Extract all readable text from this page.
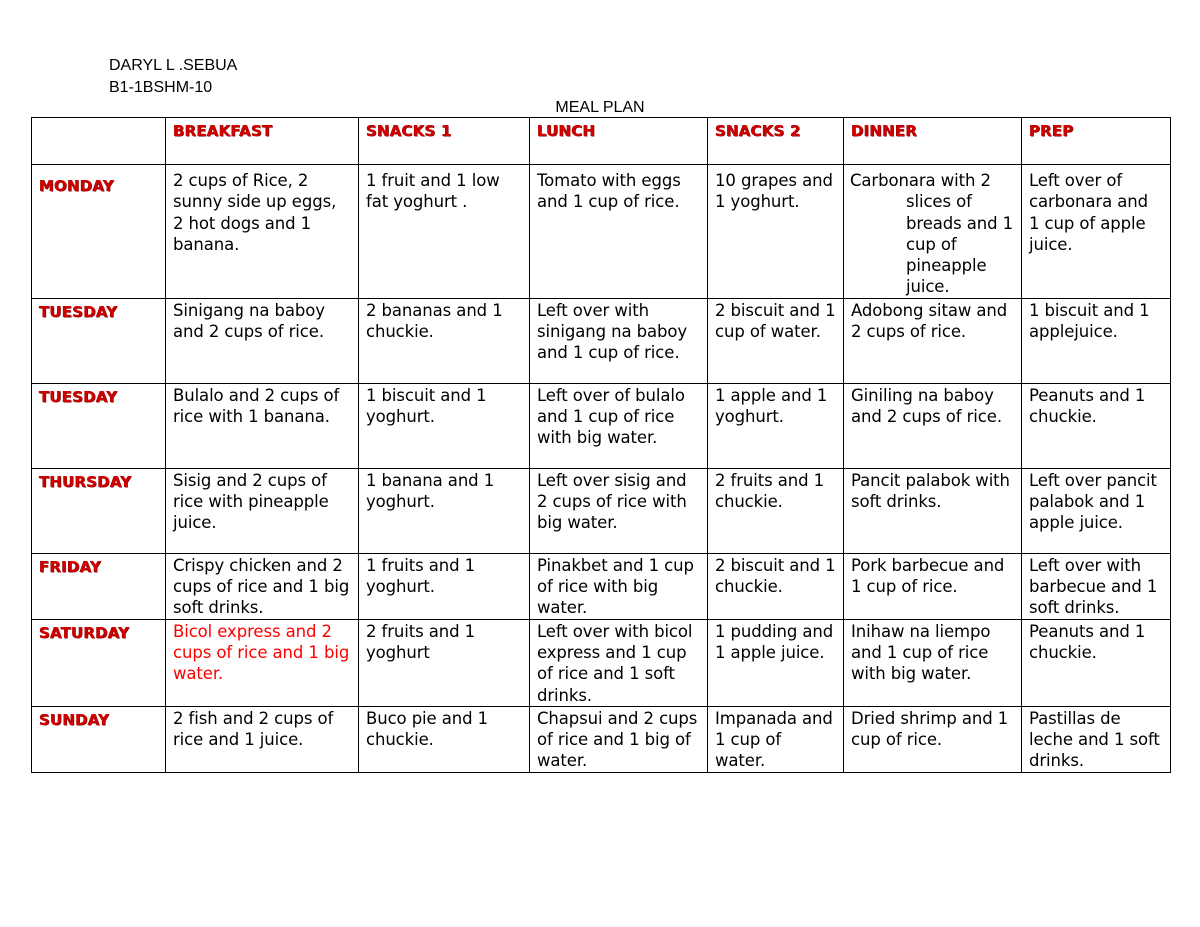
DARYL L .SEBUA
B1-1BSHM-10
MEAL PLAN
	BREAKFAST	SNACKS 1	LUNCH	SNACKS 2	DINNER	PREP
MONDAY	2 cups of Rice, 2 sunny side up eggs, 2 hot dogs and 1 banana.	1 fruit and 1 low fat yoghurt .	Tomato with eggs and 1 cup of rice.	10 grapes and 1 yoghurt.	Carbonara with 2 slices of breads and 1 cup of pineapple juice.	Left over of carbonara and 1 cup of apple juice.
TUESDAY	Sinigang na baboy and 2 cups of rice.	2 bananas and 1 chuckie.	Left over with sinigang na baboy and 1 cup of rice.	2 biscuit and 1 cup of water.	Adobong sitaw and 2 cups of rice.	1 biscuit and 1 applejuice.
TUESDAY	Bulalo and 2 cups of rice with 1 banana.	1 biscuit and 1 yoghurt.	Left over of bulalo and 1 cup of rice with big water.	1 apple and 1 yoghurt.	Giniling na baboy and 2 cups of rice.	Peanuts and 1 chuckie.
THURSDAY	Sisig and 2 cups of rice with pineapple juice.	1 banana and 1 yoghurt.	Left over sisig and 2 cups of rice with big water.	2 fruits and 1 chuckie.	Pancit palabok with soft drinks.	Left over pancit palabok and 1 apple juice.
FRIDAY	Crispy chicken and 2 cups of rice and 1 big soft drinks.	1 fruits and 1 yoghurt.	Pinakbet and 1 cup of rice with big water.	2 biscuit and 1 chuckie.	Pork barbecue and 1 cup of rice.	Left over with barbecue and 1 soft drinks.
SATURDAY	Bicol express and 2 cups of rice and 1 big water.	2 fruits and 1 yoghurt	Left over with bicol express and 1 cup of rice and 1 soft drinks.	1 pudding and 1 apple juice.	Inihaw na liempo and 1 cup of rice with big water.	Peanuts and 1 chuckie.
SUNDAY	2 fish and 2 cups of rice and 1 juice.	Buco pie and 1 chuckie.	Chapsui and 2 cups of rice and 1 big of water.	Impanada and 1 cup of water.	Dried shrimp and 1 cup of rice.	Pastillas de leche and 1 soft drinks.
